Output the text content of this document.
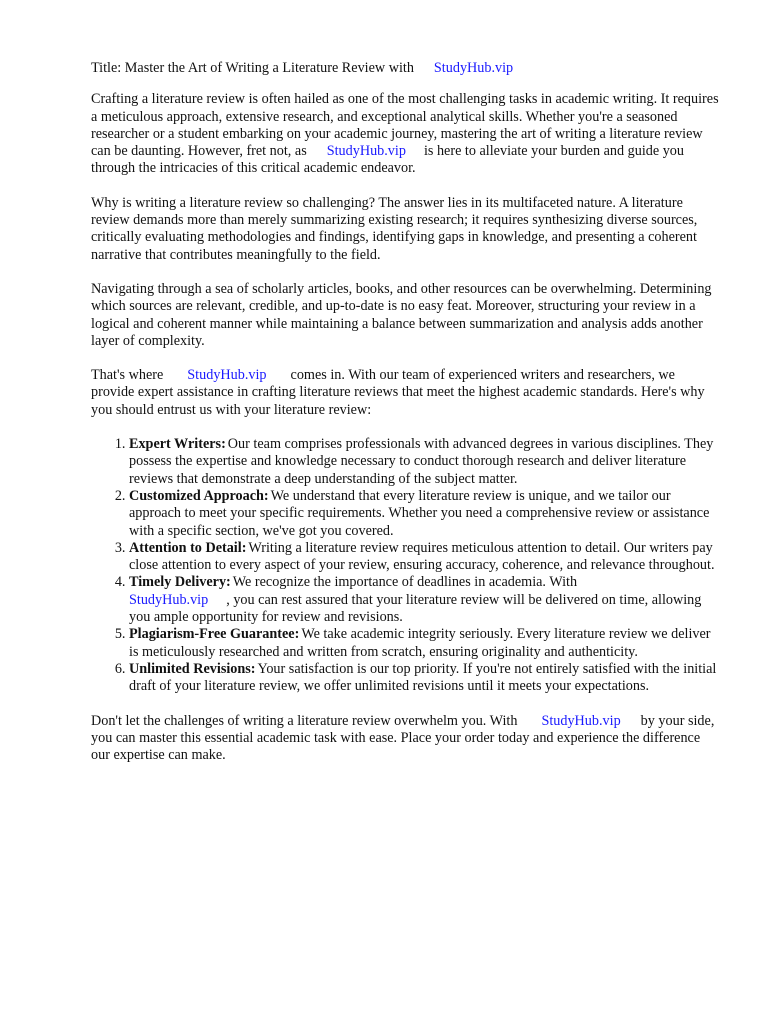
Title: Master the Art of Writing a Literature Review with StudyHub.vip

Crafting a literature review is often hailed as one of the most challenging tasks in academic writing. It requires a meticulous approach, extensive research, and exceptional analytical skills. Whether you're a seasoned researcher or a student embarking on your academic journey, mastering the art of writing a literature review can be daunting. However, fret not, as StudyHub.vip is here to alleviate your burden and guide you through the intricacies of this critical academic endeavor.

Why is writing a literature review so challenging? The answer lies in its multifaceted nature. A literature review demands more than merely summarizing existing research; it requires synthesizing diverse sources, critically evaluating methodologies and findings, identifying gaps in knowledge, and presenting a coherent narrative that contributes meaningfully to the field.

Navigating through a sea of scholarly articles, books, and other resources can be overwhelming. Determining which sources are relevant, credible, and up-to-date is no easy feat. Moreover, structuring your review in a logical and coherent manner while maintaining a balance between summarization and analysis adds another layer of complexity.

That's where StudyHub.vip comes in. With our team of experienced writers and researchers, we provide expert assistance in crafting literature reviews that meet the highest academic standards. Here's why you should entrust us with your literature review:

1. Expert Writers: Our team comprises professionals with advanced degrees in various disciplines. They possess the expertise and knowledge necessary to conduct thorough research and deliver literature reviews that demonstrate a deep understanding of the subject matter.
2. Customized Approach: We understand that every literature review is unique, and we tailor our approach to meet your specific requirements. Whether you need a comprehensive review or assistance with a specific section, we've got you covered.
3. Attention to Detail: Writing a literature review requires meticulous attention to detail. Our writers pay close attention to every aspect of your review, ensuring accuracy, coherence, and relevance throughout.
4. Timely Delivery: We recognize the importance of deadlines in academia. With
StudyHub.vip , you can rest assured that your literature review will be delivered on time, allowing you ample opportunity for review and revisions.
5. Plagiarism-Free Guarantee: We take academic integrity seriously. Every literature review we deliver is meticulously researched and written from scratch, ensuring originality and authenticity.
6. Unlimited Revisions: Your satisfaction is our top priority. If you're not entirely satisfied with the initial draft of your literature review, we offer unlimited revisions until it meets your expectations.

Don't let the challenges of writing a literature review overwhelm you. With StudyHub.vip by your side, you can master this essential academic task with ease. Place your order today and experience the difference our expertise can make.
